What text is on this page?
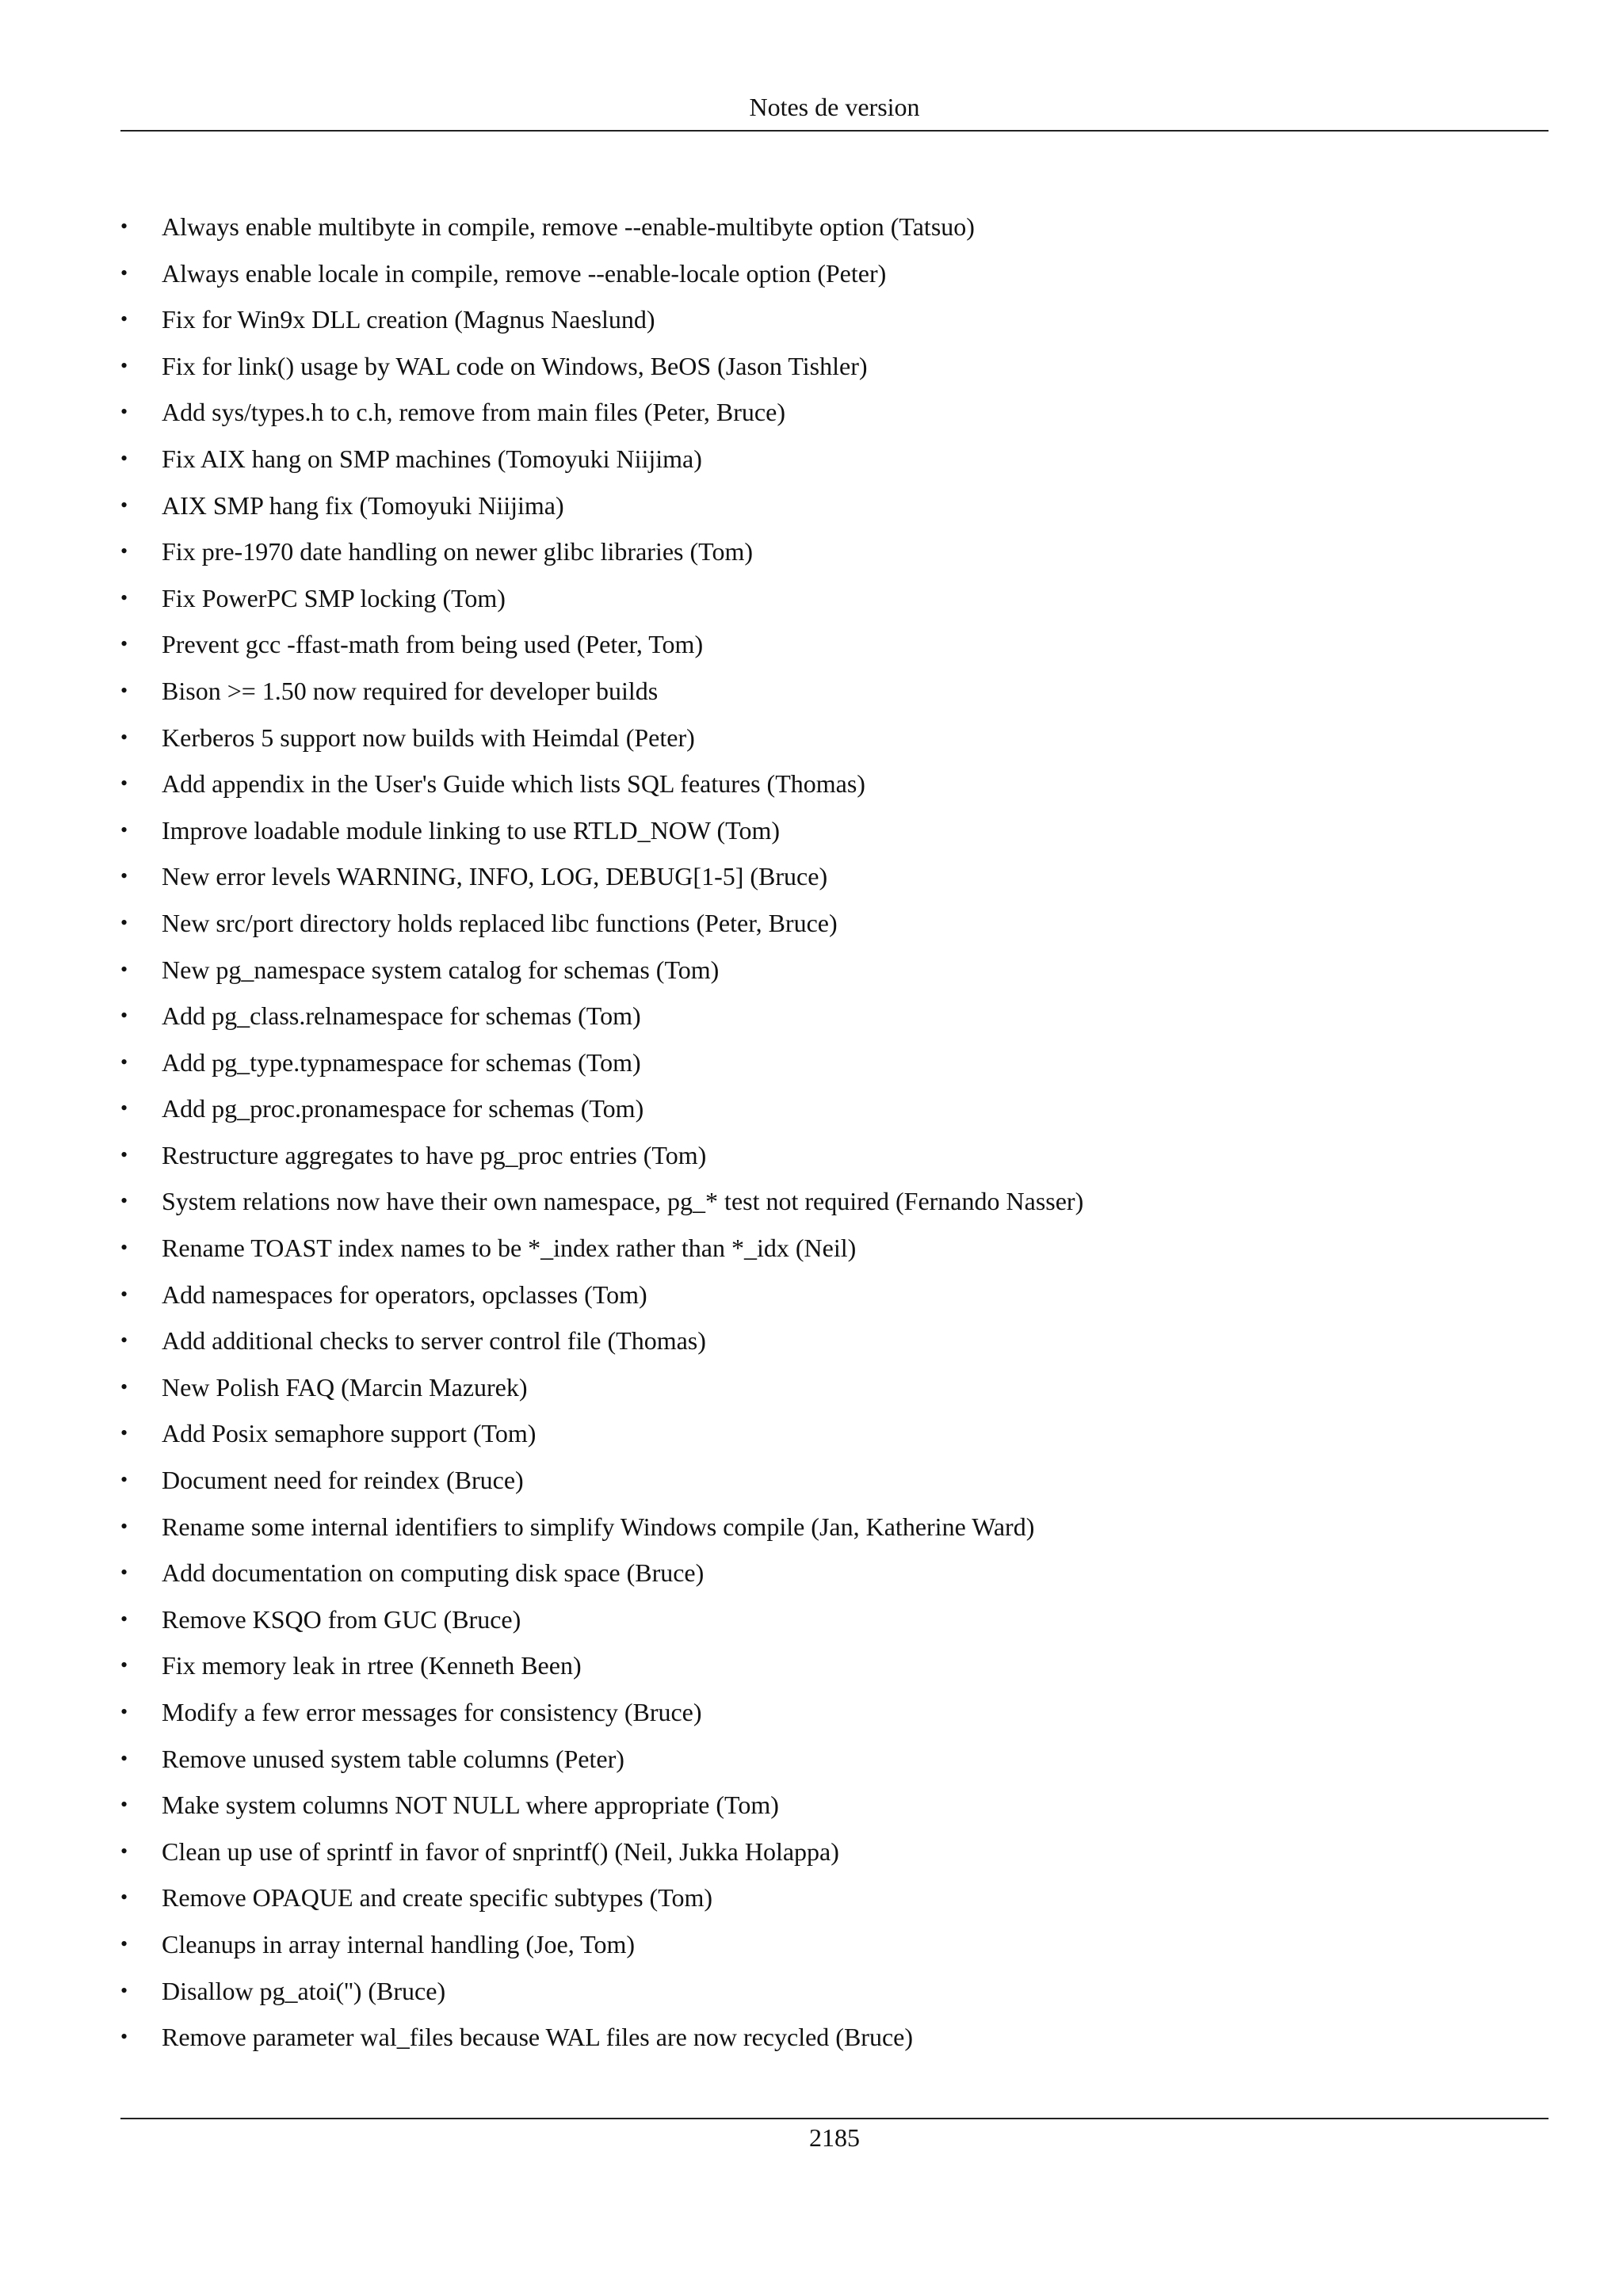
Notes de version
•	Always enable multibyte in compile, remove --enable-multibyte option (Tatsuo)
•	Always enable locale in compile, remove --enable-locale option (Peter)
•	Fix for Win9x DLL creation (Magnus Naeslund)
•	Fix for link() usage by WAL code on Windows, BeOS (Jason Tishler)
•	Add sys/types.h to c.h, remove from main files (Peter, Bruce)
•	Fix AIX hang on SMP machines (Tomoyuki Niijima)
•	AIX SMP hang fix (Tomoyuki Niijima)
•	Fix pre-1970 date handling on newer glibc libraries (Tom)
•	Fix PowerPC SMP locking (Tom)
•	Prevent gcc -ffast-math from being used (Peter, Tom)
•	Bison >= 1.50 now required for developer builds
•	Kerberos 5 support now builds with Heimdal (Peter)
•	Add appendix in the User's Guide which lists SQL features (Thomas)
•	Improve loadable module linking to use RTLD_NOW (Tom)
•	New error levels WARNING, INFO, LOG, DEBUG[1-5] (Bruce)
•	New src/port directory holds replaced libc functions (Peter, Bruce)
•	New pg_namespace system catalog for schemas (Tom)
•	Add pg_class.relnamespace for schemas (Tom)
•	Add pg_type.typnamespace for schemas (Tom)
•	Add pg_proc.pronamespace for schemas (Tom)
•	Restructure aggregates to have pg_proc entries (Tom)
•	System relations now have their own namespace, pg_* test not required (Fernando Nasser)
•	Rename TOAST index names to be *_index rather than *_idx (Neil)
•	Add namespaces for operators, opclasses (Tom)
•	Add additional checks to server control file (Thomas)
•	New Polish FAQ (Marcin Mazurek)
•	Add Posix semaphore support (Tom)
•	Document need for reindex (Bruce)
•	Rename some internal identifiers to simplify Windows compile (Jan, Katherine Ward)
•	Add documentation on computing disk space (Bruce)
•	Remove KSQO from GUC (Bruce)
•	Fix memory leak in rtree (Kenneth Been)
•	Modify a few error messages for consistency (Bruce)
•	Remove unused system table columns (Peter)
•	Make system columns NOT NULL where appropriate (Tom)
•	Clean up use of sprintf in favor of snprintf() (Neil, Jukka Holappa)
•	Remove OPAQUE and create specific subtypes (Tom)
•	Cleanups in array internal handling (Joe, Tom)
•	Disallow pg_atoi('') (Bruce)
•	Remove parameter wal_files because WAL files are now recycled (Bruce)
2185
